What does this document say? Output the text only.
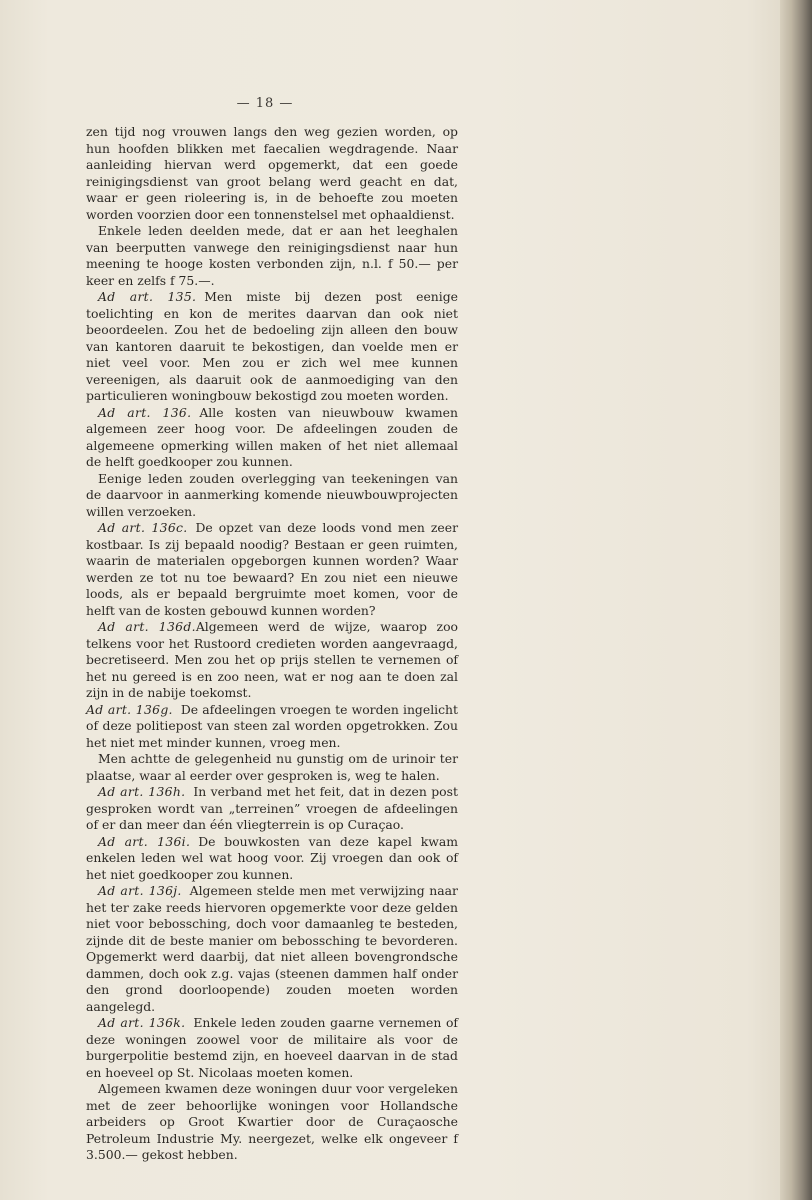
— 18 —

zen tijd nog vrouwen langs den weg gezien worden, op hun hoofden blikken met faecalien wegdragende. Naar aanleiding hiervan werd opgemerkt, dat een goede reinigingsdienst van groot belang werd geacht en dat, waar er geen rioleering is, in de behoefte zou moeten worden voorzien door een tonnenstelsel met ophaaldienst.

Enkele leden deelden mede, dat er aan het leeghalen van beerputten vanwege den reinigingsdienst naar hun meening te hooge kosten verbonden zijn, n.l. f 50.— per keer en zelfs f 75.—.

Ad art. 135. Men miste bij dezen post eenige toelichting en kon de merites daarvan dan ook niet beoordeelen. Zou het de bedoeling zijn alleen den bouw van kantoren daaruit te bekostigen, dan voelde men er niet veel voor. Men zou er zich wel mee kunnen vereenigen, als daaruit ook de aanmoediging van den particulieren woningbouw bekostigd zou moeten worden.

Ad art. 136. Alle kosten van nieuwbouw kwamen algemeen zeer hoog voor. De afdeelingen zouden de algemeene opmerking willen maken of het niet allemaal de helft goedkooper zou kunnen.

Eenige leden zouden overlegging van teekeningen van de daarvoor in aanmerking komende nieuwbouwprojecten willen verzoeken.

Ad art. 136c. De opzet van deze loods vond men zeer kostbaar. Is zij bepaald noodig? Bestaan er geen ruimten, waarin de materialen opgeborgen kunnen worden? Waar werden ze tot nu toe bewaard? En zou niet een nieuwe loods, als er bepaald bergruimte moet komen, voor de helft van de kosten gebouwd kunnen worden?

Ad art. 136d.Algemeen werd de wijze, waarop zoo telkens voor het Rustoord credieten worden aangevraagd, becretiseerd. Men zou het op prijs stellen te vernemen of het nu gereed is en zoo neen, wat er nog aan te doen zal zijn in de nabije toekomst.

Ad art. 136g. De afdeelingen vroegen te worden ingelicht of deze politiepost van steen zal worden opgetrokken. Zou het niet met minder kunnen, vroeg men.

Men achtte de gelegenheid nu gunstig om de urinoir ter plaatse, waar al eerder over gesproken is, weg te halen.

Ad art. 136h. In verband met het feit, dat in dezen post gesproken wordt van „terreinen” vroegen de afdeelingen of er dan meer dan één vliegterrein is op Curaçao.

Ad art. 136i. De bouwkosten van deze kapel kwam enkelen leden wel wat hoog voor. Zij vroegen dan ook of het niet goedkooper zou kunnen.

Ad art. 136j. Algemeen stelde men met verwijzing naar het ter zake reeds hiervoren opgemerkte voor deze gelden niet voor bebossching, doch voor damaanleg te besteden, zijnde dit de beste manier om bebossching te bevorderen. Opgemerkt werd daarbij, dat niet alleen bovengrondsche dammen, doch ook z.g. vajas (steenen dammen half onder den grond doorloopende) zouden moeten worden aangelegd.

Ad art. 136k. Enkele leden zouden gaarne vernemen of deze woningen zoowel voor de militaire als voor de burgerpolitie bestemd zijn, en hoeveel daarvan in de stad en hoeveel op St. Nicolaas moeten komen.

Algemeen kwamen deze woningen duur voor vergeleken met de zeer behoorlijke woningen voor Hollandsche arbeiders op Groot Kwartier door de Curaçaosche Petroleum Industrie My. neergezet, welke elk ongeveer f 3.500.— gekost hebben.
